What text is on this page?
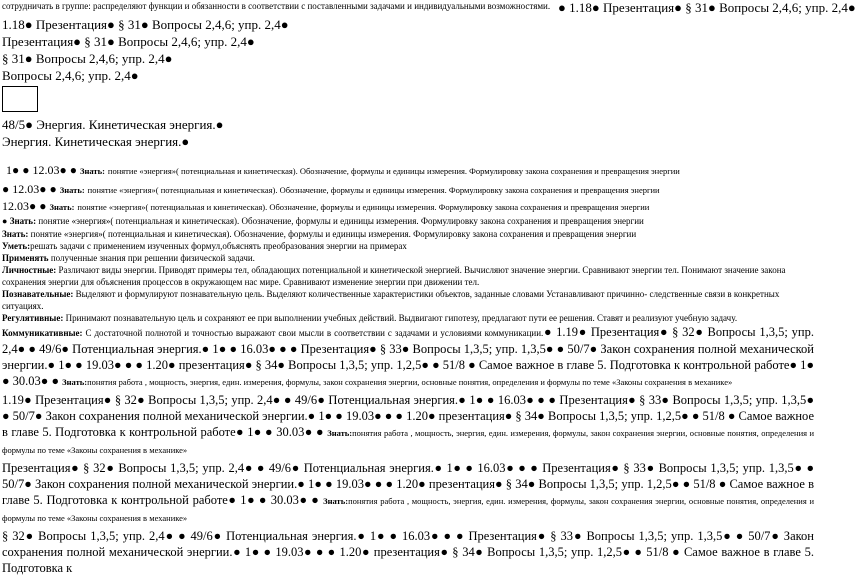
сотрудничать в группе: распределяют функции и обязанности в соответствии с поставленными задачами и индивидуальными возможностями. ● 1.18● Презентация● § 31● Вопросы 2,4,6; упр. 2,4●

1.18● Презентация● § 31● Вопросы 2,4,6; упр. 2,4●

Презентация● § 31● Вопросы 2,4,6; упр. 2,4●

§ 31● Вопросы 2,4,6; упр. 2,4●

Вопросы 2,4,6; упр. 2,4●

48/5● Энергия. Кинетическая энергия.●

Энергия. Кинетическая энергия.●

1● ● 12.03● ● Знать: понятие «энергия»( потенциальная и кинетическая). Обозначение, формулы и единицы измерения. Формулировку закона сохранения и превращения энергии

● 12.03● ● Знать: понятие «энергия»( потенциальная и кинетическая). Обозначение, формулы и единицы измерения. Формулировку закона сохранения и превращения энергии

12.03● ● Знать: понятие «энергия»( потенциальная и кинетическая). Обозначение, формулы и единицы измерения. Формулировку закона сохранения и превращения энергии

● Знать: понятие «энергия»( потенциальная и кинетическая). Обозначение, формулы и единицы измерения. Формулировку закона сохранения и превращения энергии

Знать: понятие «энергия»( потенциальная и кинетическая). Обозначение, формулы и единицы измерения. Формулировку закона сохранения и превращения энергии

Уметь:решать задачи с применением изученных формул,объяснять преобразования энергии на примерах

Применять полученные знания при решении физической задачи.

Личностные: Различают виды энергии. Приводят примеры тел, обладающих потенциальной и кинетической энергией. Вычисляют значение энергии. Сравнивают энергии тел. Понимают значение закона сохранения энергии для объяснения процессов в окружающем нас мире. Сравнивают изменение энергии при движении тел.

Познавательные: Выделяют и формулируют познавательную цель. Выделяют количественные характеристики объектов, заданные словами Устанавливают причинно- следственные связи в конкретных ситуациях.

Регулятивные: Принимают познавательную цель и сохраняют ее при выполнении учебных действий. Выдвигают гипотезу, предлагают пути ее решения. Ставят и реализуют учебную задачу.

Коммуникативные: С достаточной полнотой и точностью выражают свои мысли в соответствии с задачами и условиями коммуникации.● 1.19● Презентация● § 32● Вопросы 1,3,5; упр. 2,4● ● 49/6● Потенциальная энергия.● 1● ● 16.03● ● ● Презентация● § 33● Вопросы 1,3,5; упр. 1,3,5● ● 50/7● Закон сохранения полной механической энергии.● 1● ● 19.03● ● ● 1.20● презентация● § 34● Вопросы 1,3,5; упр. 1,2,5● ● 51/8 ● Самое важное в главе 5. Подготовка к контрольной работе● 1● ● 30.03● ● Знать:понятия работа , мощность, энергия, един. измерения, формулы, закон сохранения энергии, основные понятия, определения и формулы по теме «Законы сохранения в механике»

1.19● Презентация● § 32● Вопросы 1,3,5; упр. 2,4● ● 49/6● Потенциальная энергия.● 1● ● 16.03● ● ● Презентация● § 33● Вопросы 1,3,5; упр. 1,3,5● ● 50/7● Закон сохранения полной механической энергии.● 1● ● 19.03● ● ● 1.20● презентация● § 34● Вопросы 1,3,5; упр. 1,2,5● ● 51/8 ● Самое важное в главе 5. Подготовка к контрольной работе● 1● ● 30.03● ● Знать:понятия работа , мощность, энергия, един. измерения, формулы, закон сохранения энергии, основные понятия, определения и формулы по теме «Законы сохранения в механике»

Презентация● § 32● Вопросы 1,3,5; упр. 2,4● ● 49/6● Потенциальная энергия.● 1● ● 16.03● ● ● Презентация● § 33● Вопросы 1,3,5; упр. 1,3,5● ● 50/7● Закон сохранения полной механической энергии.● 1● ● 19.03● ● ● 1.20● презентация● § 34● Вопросы 1,3,5; упр. 1,2,5● ● 51/8 ● Самое важное в главе 5. Подготовка к контрольной работе● 1● ● 30.03● ● Знать:понятия работа , мощность, энергия, един. измерения, формулы, закон сохранения энергии, основные понятия, определения и формулы по теме «Законы сохранения в механике»

§ 32● Вопросы 1,3,5; упр. 2,4● ● 49/6● Потенциальная энергия.● 1● ● 16.03● ● ● Презентация● § 33● Вопросы 1,3,5; упр. 1,3,5● ● 50/7● Закон сохранения полной механической энергии.● 1● ● 19.03● ● ● 1.20● презентация● § 34● Вопросы 1,3,5; упр. 1,2,5● ● 51/8 ● Самое важное в главе 5. Подготовка к
